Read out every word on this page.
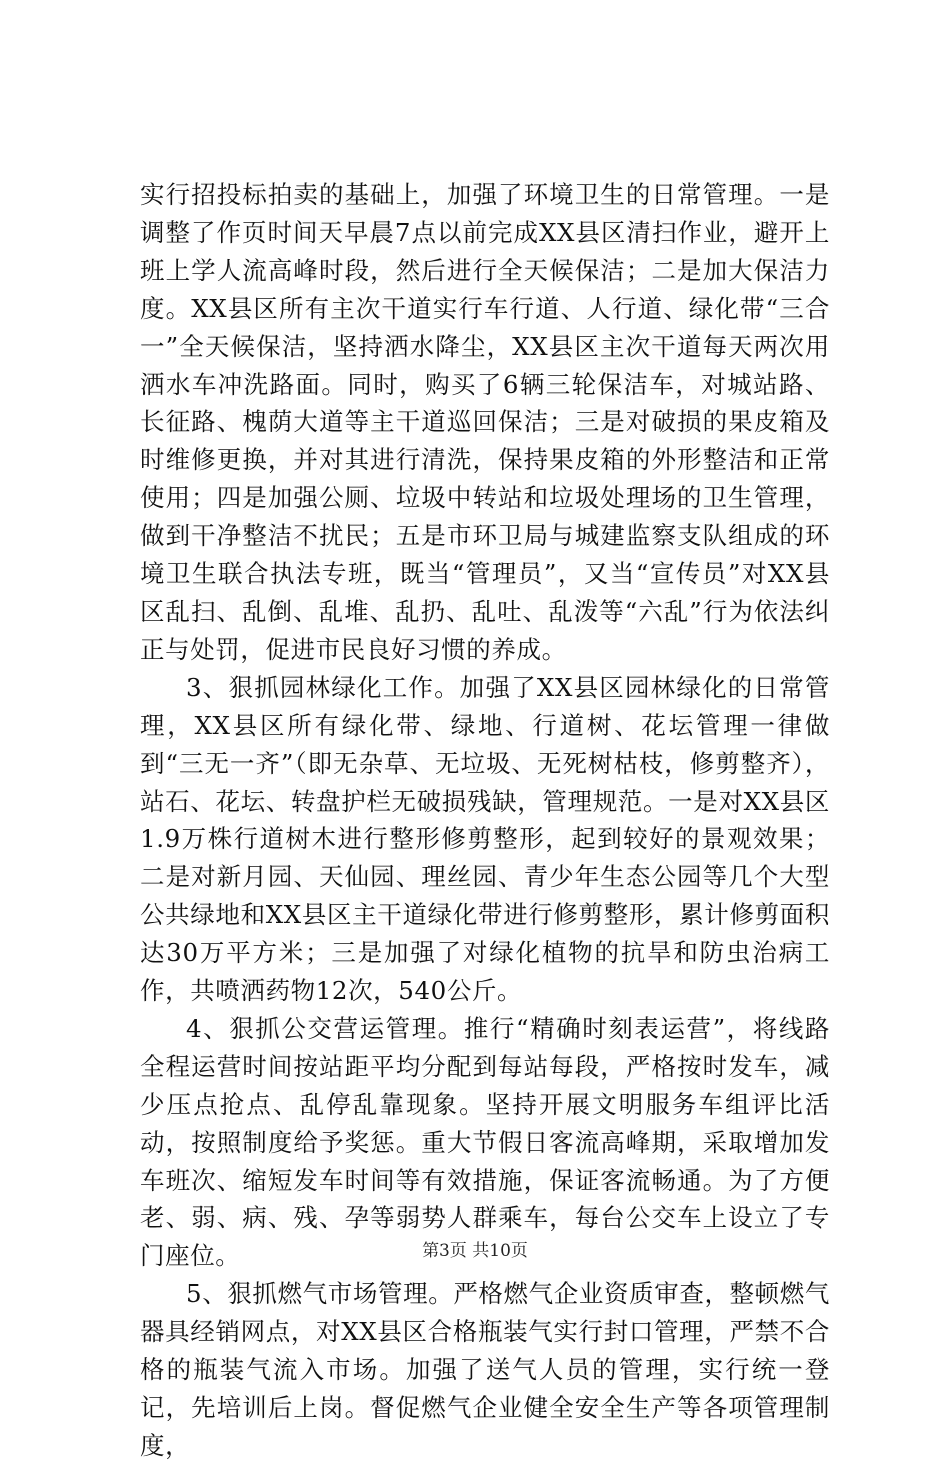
实行招投标拍卖的基础上，加强了环境卫生的日常管理。一是调整了作页时间天早晨7点以前完成XX县区清扫作业，避开上班上学人流高峰时段，然后进行全天候保洁；二是加大保洁力度。XX县区所有主次干道实行车行道、人行道、绿化带“三合一”全天候保洁，坚持洒水降尘，XX县区主次干道每天两次用洒水车冲洗路面。同时，购买了6辆三轮保洁车，对城站路、长征路、槐荫大道等主干道巡回保洁；三是对破损的果皮箱及时维修更换，并对其进行清洗，保持果皮箱的外形整洁和正常使用；四是加强公厕、垃圾中转站和垃圾处理场的卫生管理，做到干净整洁不扰民；五是市环卫局与城建监察支队组成的环境卫生联合执法专班，既当“管理员”，又当“宣传员”对XX县区乱扫、乱倒、乱堆、乱扔、乱吐、乱泼等“六乱”行为依法纠正与处罚，促进市民良好习惯的养成。

3、狠抓园林绿化工作。加强了XX县区园林绿化的日常管理，XX县区所有绿化带、绿地、行道树、花坛管理一律做到“三无一齐”（即无杂草、无垃圾、无死树枯枝，修剪整齐），站石、花坛、转盘护栏无破损残缺，管理规范。一是对XX县区1.9万株行道树木进行整形修剪整形，起到较好的景观效果；二是对新月园、天仙园、理丝园、青少年生态公园等几个大型公共绿地和XX县区主干道绿化带进行修剪整形，累计修剪面积达30万平方米；三是加强了对绿化植物的抗旱和防虫治病工作，共喷洒药物12次，540公斤。

4、狠抓公交营运管理。推行“精确时刻表运营”，将线路全程运营时间按站距平均分配到每站每段，严格按时发车，减少压点抢点、乱停乱靠现象。坚持开展文明服务车组评比活动，按照制度给予奖惩。重大节假日客流高峰期，采取增加发车班次、缩短发车时间等有效措施，保证客流畅通。为了方便老、弱、病、残、孕等弱势人群乘车，每台公交车上设立了专门座位。

5、狠抓燃气市场管理。严格燃气企业资质审查，整顿燃气器具经销网点，对XX县区合格瓶装气实行封口管理，严禁不合格的瓶装气流入市场。加强了送气人员的管理，实行统一登记，先培训后上岗。督促燃气企业健全安全生产等各项管理制度，

第3页 共10页
